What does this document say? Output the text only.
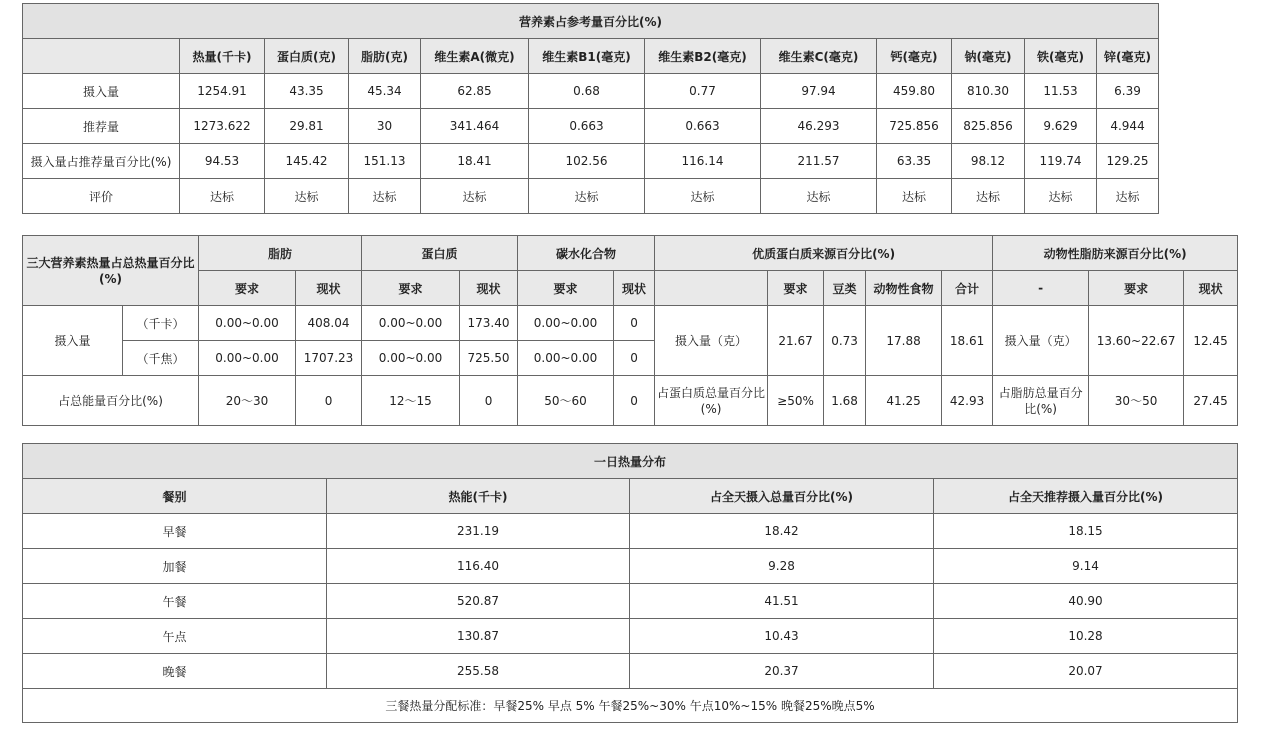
营养素占参考量百分比(%)											
	热量(千卡)	蛋白质(克)	脂肪(克)	维生素A(微克)	维生素B1(毫克)	维生素B2(毫克)	维生素C(毫克)	钙(毫克)	钠(毫克)	铁(毫克)	锌(毫克)
摄入量	1254.91	43.35	45.34	62.85	0.68	0.77	97.94	459.80	810.30	11.53	6.39
推荐量	1273.622	29.81	30	341.464	0.663	0.663	46.293	725.856	825.856	9.629	4.944
摄入量占推荐量百分比(%)	94.53	145.42	151.13	18.41	102.56	116.14	211.57	63.35	98.12	119.74	129.25
评价	达标	达标	达标	达标	达标	达标	达标	达标	达标	达标	达标
三大营养素热量占总热量百分比(%)		脂肪		蛋白质		碳水化合物		优质蛋白质来源百分比(%)					动物性脂肪来源百分比(%)		
		要求	现状	要求	现状	要求	现状		要求	豆类	动物性食物	合计	-	要求	现状
摄入量	（千卡）	0.00~0.00	408.04	0.00~0.00	173.40	0.00~0.00	0	摄入量（克）	21.67	0.73	17.88	18.61	摄入量（克）	13.60~22.67	12.45
	（千焦）	0.00~0.00	1707.23	0.00~0.00	725.50	0.00~0.00	0								
占总能量百分比(%)		20～30	0	12～15	0	50～60	0	占蛋白质总量百分比(%)	≥50%	1.68	41.25	42.93	占脂肪总量百分比(%)	30～50	27.45
一日热量分布			
餐别	热能(千卡)	占全天摄入总量百分比(%)	占全天推荐摄入量百分比(%)
早餐	231.19	18.42	18.15
加餐	116.40	9.28	9.14
午餐	520.87	41.51	40.90
午点	130.87	10.43	10.28
晚餐	255.58	20.37	20.07
三餐热量分配标准：早餐25% 早点 5% 午餐25%~30% 午点10%~15% 晚餐25%晚点5%			
